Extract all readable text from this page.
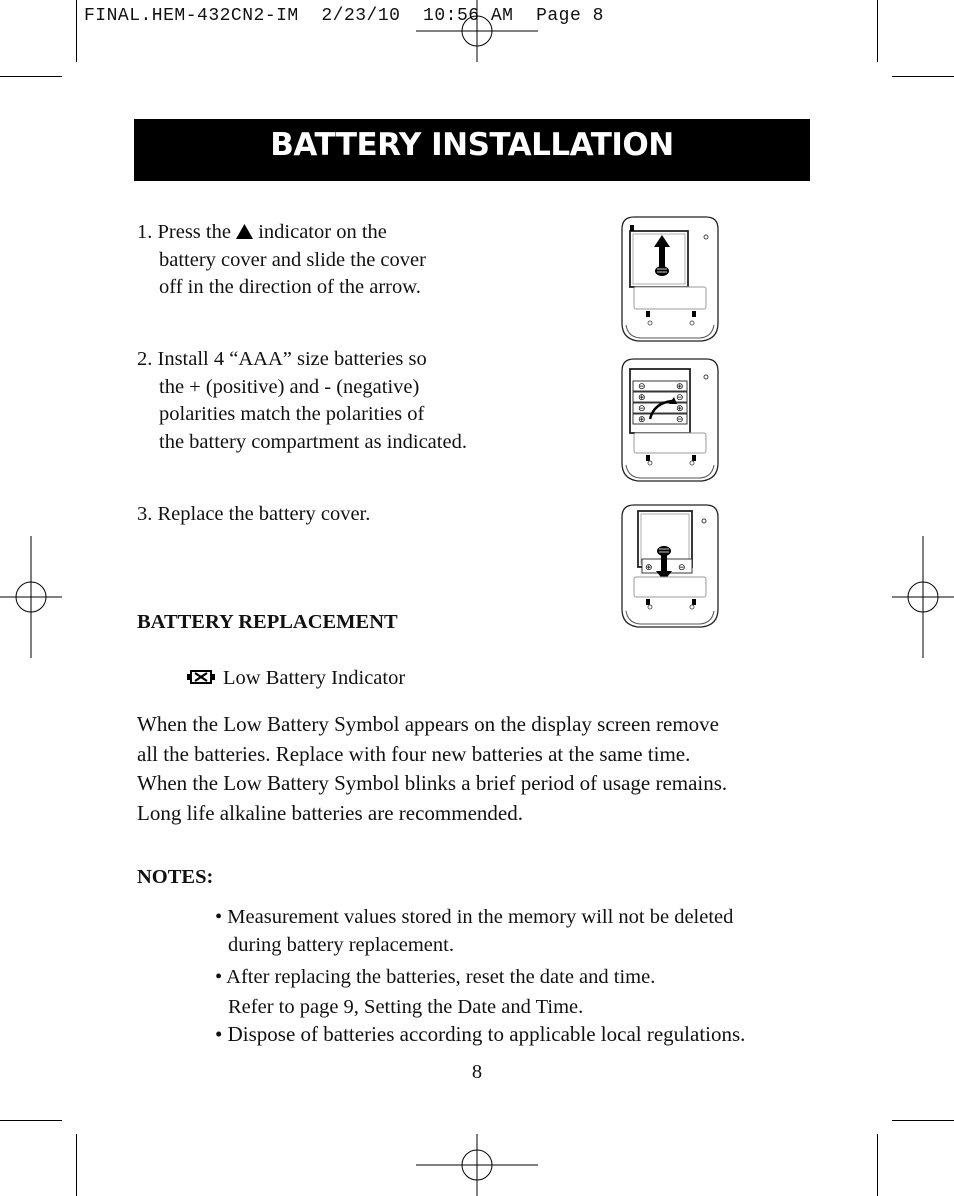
FINAL.HEM-432CN2-IM  2/23/10  10:56 AM  Page 8
BATTERY INSTALLATION
1. Press the indicator on the
battery cover and slide the cover
off in the direction of the arrow.
2. Install 4 “AAA” size batteries so
the + (positive) and - (negative)
polarities match the polarities of
the battery compartment as indicated.
3. Replace the battery cover.
⊖	⊕
⊕	⊖
⊖	⊕
⊕	⊖
⊕	⊖
BATTERY REPLACEMENT
Low Battery Indicator
When the Low Battery Symbol appears on the display screen remove
all the batteries. Replace with four new batteries at the same time.
When the Low Battery Symbol blinks a brief period of usage remains.
Long life alkaline batteries are recommended.
NOTES:
• Measurement values stored in the memory will not be deleted
during battery replacement.
• After replacing the batteries, reset the date and time.
Refer to page 9, Setting the Date and Time.
• Dispose of batteries according to applicable local regulations.
8
